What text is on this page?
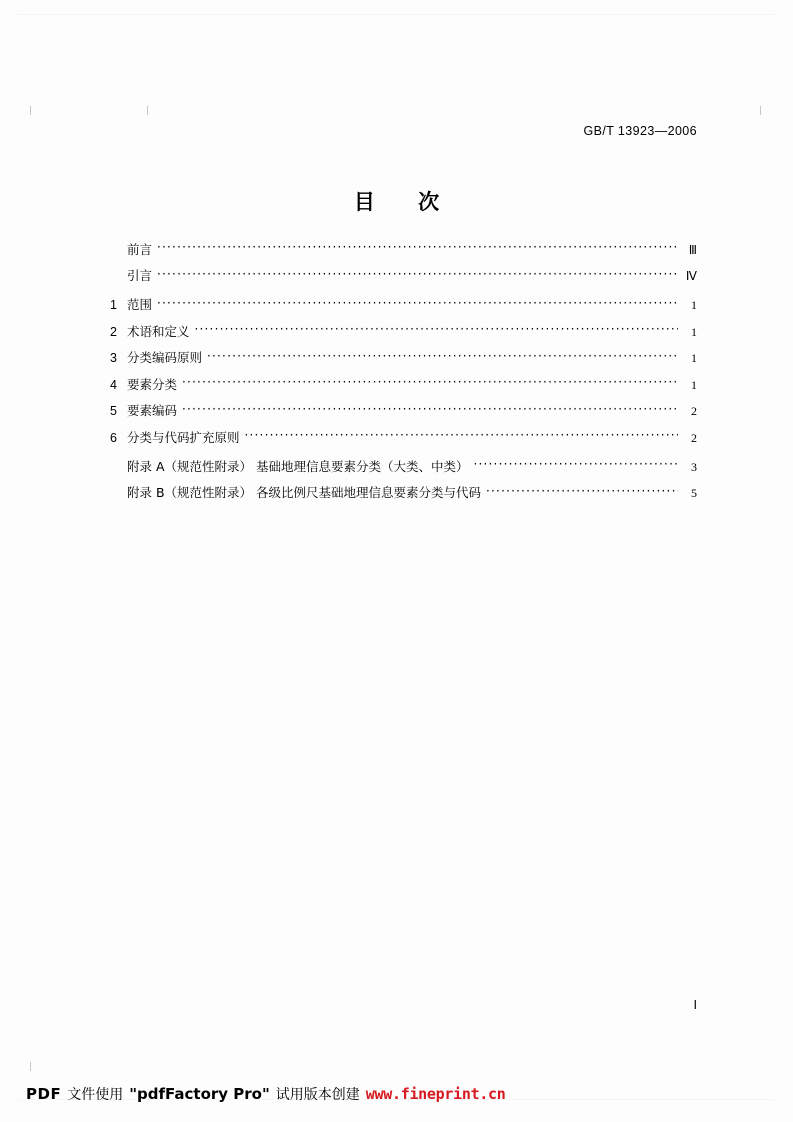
GB/T 13923—2006
目 次
前言 ·····	Ⅲ
引言 ·····	Ⅳ
1 范围 ·····	1
2 术语和定义 ·····	1
3 分类编码原则 ·····	1
4 要素分类 ·····	1
5 要素编码 ·····	2
6 分类与代码扩充原则 ·····	2
附录 A（规范性附录） 基础地理信息要素分类（大类、中类） ·····	3
附录 B（规范性附录） 各级比例尺基础地理信息要素分类与代码 ·····	5
Ⅰ
PDF 文件使用 "pdfFactory Pro" 试用版本创建 www.fineprint.cn
